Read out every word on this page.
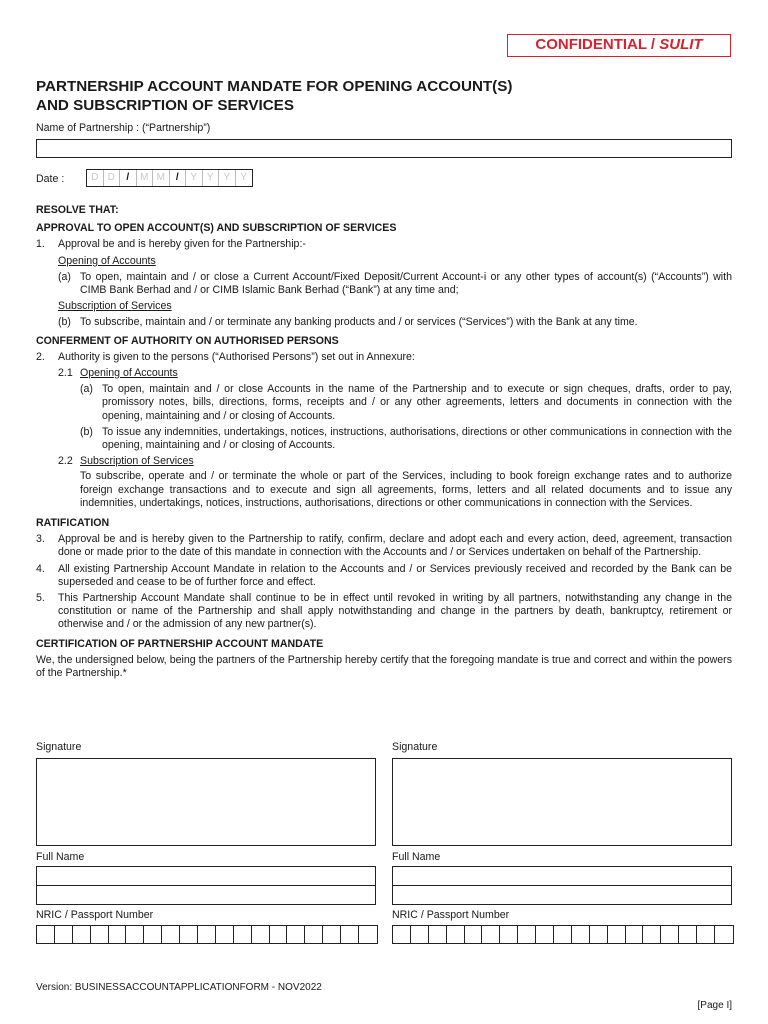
CONFIDENTIAL / SULIT
PARTNERSHIP ACCOUNT MANDATE FOR OPENING ACCOUNT(S)
AND SUBSCRIPTION OF SERVICES
Name of Partnership : (“Partnership”)
Date :	D D	/	M M	/	Y Y Y	Y
RESOLVE THAT:
APPROVAL TO OPEN ACCOUNT(S) AND SUBSCRIPTION OF SERVICES
1.	Approval be and is hereby given for the Partnership:-
Opening of Accounts
(a) To open, maintain and / or close a Current Account/Fixed Deposit/Current Account-i or any other types of account(s) (“Accounts”) with CIMB Bank Berhad and / or CIMB Islamic Bank Berhad (“Bank”) at any time and;
Subscription of Services
(b) To subscribe, maintain and / or terminate any banking products and / or services (“Services”) with the Bank at any time.
CONFERMENT OF AUTHORITY ON AUTHORISED PERSONS
2.	Authority is given to the persons (“Authorised Persons”) set out in Annexure:
2.1 Opening of Accounts
(a) To open, maintain and / or close Accounts in the name of the Partnership and to execute or sign cheques, drafts, order to pay, promissory notes, bills, directions, forms, receipts and / or any other agreements, letters and documents in connection with the opening, maintaining and / or closing of Accounts.
(b) To issue any indemnities, undertakings, notices, instructions, authorisations, directions or other communications in connection with the opening, maintaining and / or closing of Accounts.
2.2 Subscription of Services
To subscribe, operate and / or terminate the whole or part of the Services, including to book foreign exchange rates and to authorize foreign exchange transactions and to execute and sign all agreements, forms, letters and all related documents and to issue any indemnities, undertakings, notices, instructions, authorisations, directions or other communications in connection with the Services.
RATIFICATION
3.	Approval be and is hereby given to the Partnership to ratify, confirm, declare and adopt each and every action, deed, agreement, transaction done or made prior to the date of this mandate in connection with the Accounts and / or Services undertaken on behalf of the Partnership.
4.	All existing Partnership Account Mandate in relation to the Accounts and / or Services previously received and recorded by the Bank can be superseded and cease to be of further force and effect.
5.	This Partnership Account Mandate shall continue to be in effect until revoked in writing by all partners, notwithstanding any change in the constitution or name of the Partnership and shall apply notwithstanding and change in the partners by death, bankruptcy, retirement or otherwise and / or the admission of any new partner(s).
CERTIFICATION OF PARTNERSHIP ACCOUNT MANDATE
We, the undersigned below, being the partners of the Partnership hereby certify that the foregoing mandate is true and correct and within the powers of the Partnership.*
Signature
Full Name
NRIC / Passport Number
Signature
Full Name
NRIC / Passport Number
Version: BUSINESSACCOUNTAPPLICATIONFORM - NOV2022
[Page I]
